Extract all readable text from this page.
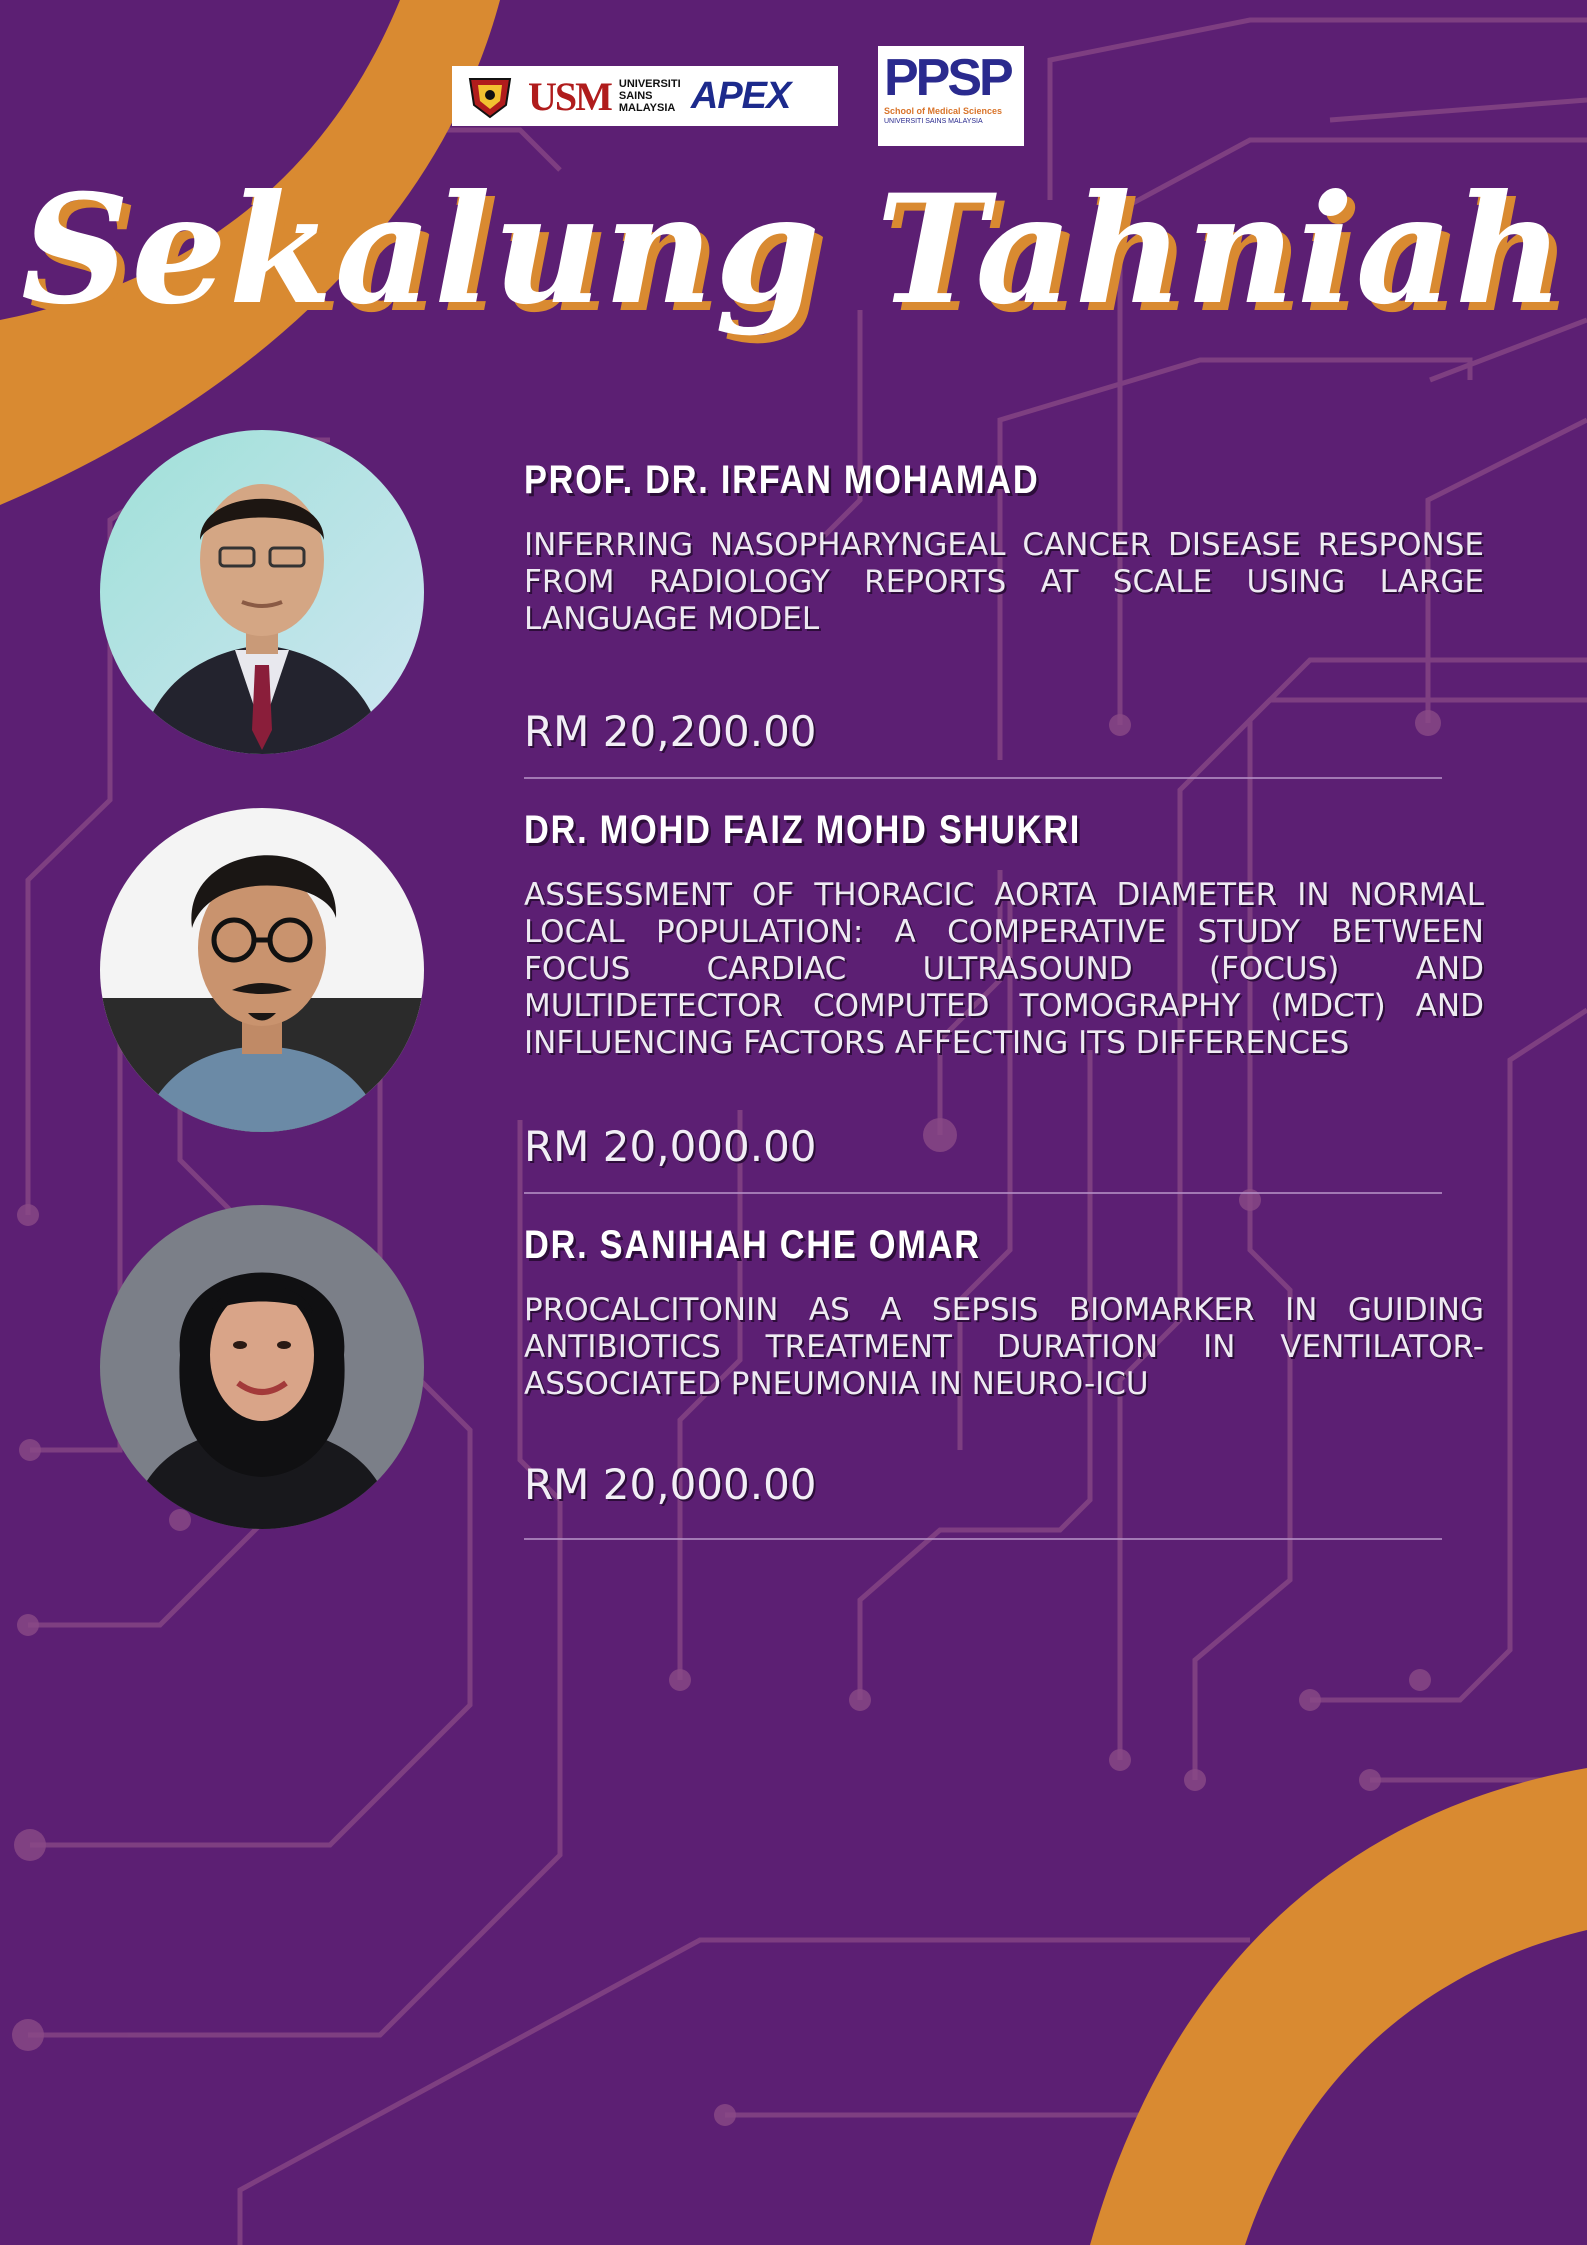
USM UNIVERSITI
SAINS
MALAYSIA APEX PPSP
School of Medical Sciences
UNIVERSITI SAINS MALAYSIA
Sekalung Tahniah
PROF. DR. IRFAN MOHAMAD
INFERRING NASOPHARYNGEAL CANCER DISEASE RESPONSE FROM RADIOLOGY REPORTS AT SCALE USING LARGE LANGUAGE MODEL
RM 20,200.00
DR. MOHD FAIZ MOHD SHUKRI
ASSESSMENT OF THORACIC AORTA DIAMETER IN NORMAL LOCAL POPULATION: A COMPERATIVE STUDY BETWEEN FOCUS CARDIAC ULTRASOUND (FOCUS) AND MULTIDETECTOR COMPUTED TOMOGRAPHY (MDCT) AND INFLUENCING FACTORS AFFECTING ITS DIFFERENCES
RM 20,000.00
DR. SANIHAH CHE OMAR
PROCALCITONIN AS A SEPSIS BIOMARKER IN GUIDING ANTIBIOTICS TREATMENT DURATION IN VENTILATOR-ASSOCIATED PNEUMONIA IN NEURO-ICU
RM 20,000.00
